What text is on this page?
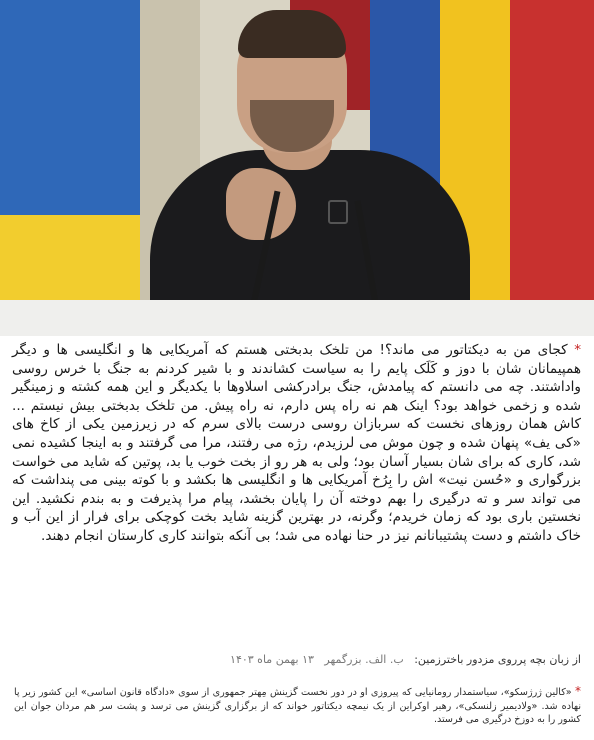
* کجای من به دیکتاتور می ماند؟! من تلخک بدبختی هستم که آمریکایی ها و انگلیسی ها و دیگر همپیمانان شان با دوز و کَلَک پایم را به سیاست کشاندند و با شیر کردنم به جنگ با خرس روسی واداشتند. چه می دانستم که پیامدش، جنگ برادرکشی اسلاوها با یکدیگر و این همه کشته و زمینگیر شده و زخمی خواهد بود؟ اینک هم نه راه پس دارم، نه راه پیش. من تلخک بدبختی بیش نیستم ... کاش همان روزهای نخست که سربازان روسی درست بالای سرم که در زیرزمین یکی از کاخ های «کی یف» پنهان شده و چون موش می لرزیدم، رژه می رفتند، مرا می گرفتند و به اینجا کشیده نمی شد، کاری که برای شان بسیار آسان بود؛ ولی به هر رو از بخت خوب یا بد، پوتین که شاید می خواست بزرگواری و «حُسن نیت» اش را بِرُخ آمریکایی ها و انگلیسی ها بکشد و با کوته بینی می پنداشت که می تواند سر و ته درگیری را بهم دوخته آن را پایان بخشد، پیام مرا پذیرفت و به بندم نکشید. این نخستین باری بود که زمان خریدم؛ وگرنه، در بهترین گزینه شاید بخت کوچکی برای فرار از این آب و خاک داشتم و دست پشتیبانانم نیز در حنا نهاده می شد؛ بی آنکه بتوانند کاری کارستان انجام دهند.

از زبان بچه پرروی مزدور باختر‌زمین:   ب. الف. بزرگمهر   ۱۳ بهمن ماه ۱۴۰۳
* «کالین ژرژسکو»، سیاستمدار رومانیایی که پیروزی او در دور نخست گزینش مِهتر جمهوری از سوی «دادگاه قانون اساسی» این کشور زیر پا نهاده شد. «ولادیمیر زلنسکی»، رهبر اوکراین از یک نیمچه دیکتاتور خواند که از برگزاری گزینش می ترسد و پشت سر هم مردان جوان این کشور را به دوزخ درگیری می فرستد.
